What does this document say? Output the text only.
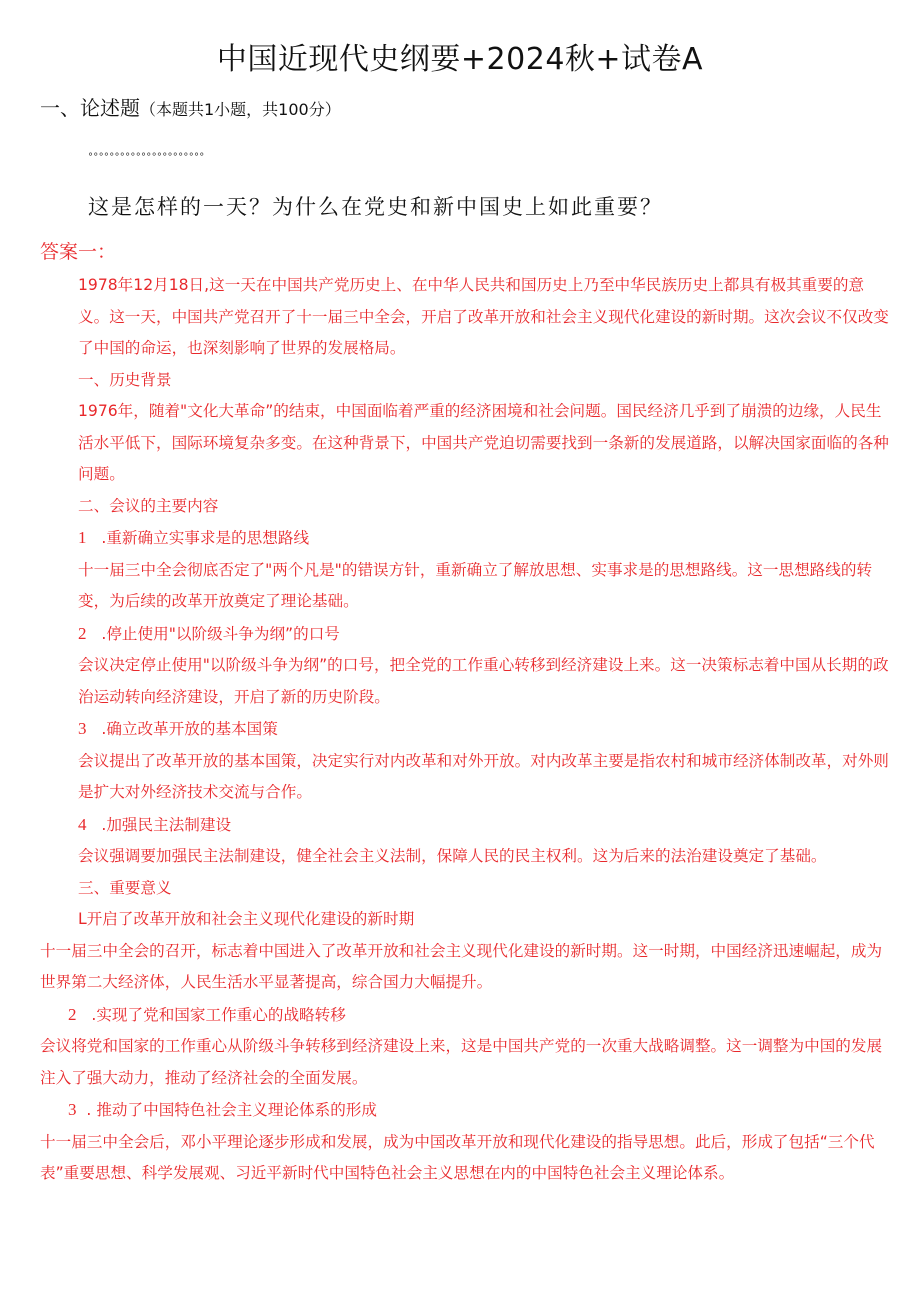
中国近现代史纲要+2024秋+试卷A
一、论述题（本题共1小题，共100分）
°°°°°°°°°°°°°°°°°°°°°°
这是怎样的一天？为什么在党史和新中国史上如此重要？
答案一：

1978年12月18日,这一天在中国共产党历史上、在中华人民共和国历史上乃至中华民族历史上都具有极其重要的意义。这一天，中国共产党召开了十一届三中全会，开启了改革开放和社会主义现代化建设的新时期。这次会议不仅改变了中国的命运，也深刻影响了世界的发展格局。

一、历史背景

1976年，随着"文化大革命”的结束，中国面临着严重的经济困境和社会问题。国民经济几乎到了崩溃的边缘，人民生活水平低下，国际环境复杂多变。在这种背景下，中国共产党迫切需要找到一条新的发展道路，以解决国家面临的各种问题。

二、会议的主要内容

1 .重新确立实事求是的思想路线

十一届三中全会彻底否定了"两个凡是"的错误方针，重新确立了解放思想、实事求是的思想路线。这一思想路线的转变，为后续的改革开放奠定了理论基础。

2 .停止使用"以阶级斗争为纲”的口号

会议决定停止使用"以阶级斗争为纲”的口号，把全党的工作重心转移到经济建设上来。这一决策标志着中国从长期的政治运动转向经济建设，开启了新的历史阶段。

3 .确立改革开放的基本国策

会议提出了改革开放的基本国策，决定实行对内改革和对外开放。对内改革主要是指农村和城市经济体制改革，对外则是扩大对外经济技术交流与合作。

4 .加强民主法制建设

会议强调要加强民主法制建设，健全社会主义法制，保障人民的民主权利。这为后来的法治建设奠定了基础。

三、重要意义

L开启了改革开放和社会主义现代化建设的新时期

十一届三中全会的召开，标志着中国进入了改革开放和社会主义现代化建设的新时期。这一时期，中国经济迅速崛起，成为世界第二大经济体，人民生活水平显著提高，综合国力大幅提升。

2 .实现了党和国家工作重心的战略转移

会议将党和国家的工作重心从阶级斗争转移到经济建设上来，这是中国共产党的一次重大战略调整。这一调整为中国的发展注入了强大动力，推动了经济社会的全面发展。

3 . 推动了中国特色社会主义理论体系的形成

十一届三中全会后，邓小平理论逐步形成和发展，成为中国改革开放和现代化建设的指导思想。此后，形成了包括“三个代表”重要思想、科学发展观、习近平新时代中国特色社会主义思想在内的中国特色社会主义理论体系。
